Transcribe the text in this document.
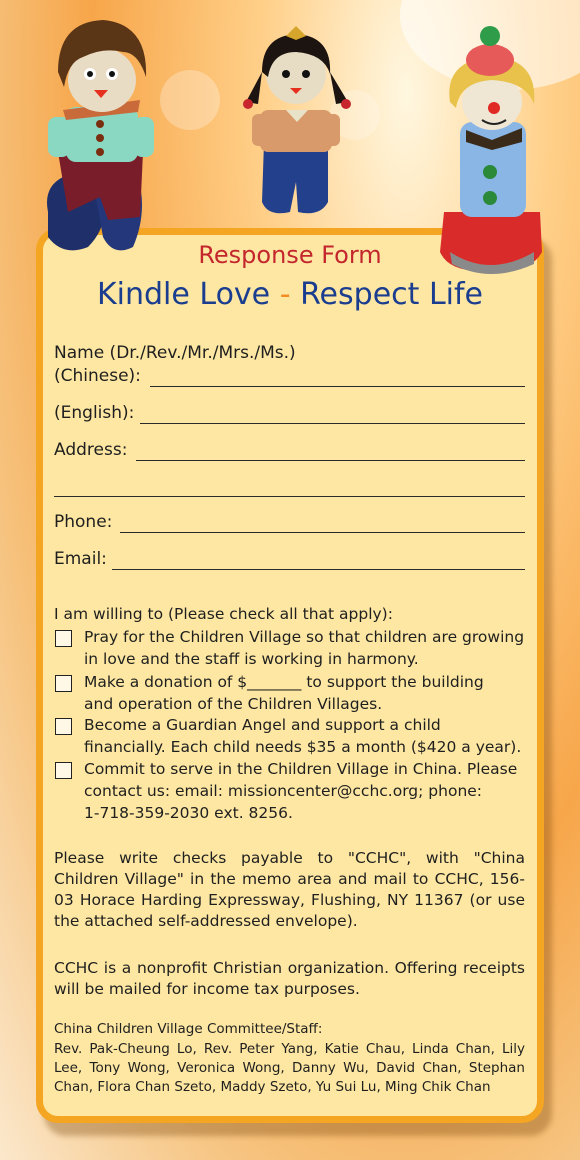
Response Form
Kindle Love - Respect Life
Name (Dr./Rev./Mr./Mrs./Ms.)
(Chinese):
(English):
Address:
Phone:
Email:
I am willing to (Please check all that apply):
Pray for the Children Village so that children are growing
in love and the staff is working in harmony.
Make a donation of $_______ to support the building
and operation of the Children Villages.
Become a Guardian Angel and support a child
financially. Each child needs $35 a month ($420 a year).
Commit to serve in the Children Village in China. Please
contact us: email: missioncenter@cchc.org; phone:
1-718-359-2030 ext. 8256.
Please write checks payable to "CCHC", with "China Children Village" in the memo area and mail to CCHC, 156-03 Horace Harding Expressway, Flushing, NY 11367 (or use the attached self-addressed envelope).
CCHC is a nonprofit Christian organization. Offering receipts will be mailed for income tax purposes.
China Children Village Committee/Staff:
Rev. Pak-Cheung Lo, Rev. Peter Yang, Katie Chau, Linda Chan, Lily Lee, Tony Wong, Veronica Wong, Danny Wu, David Chan, Stephan Chan, Flora Chan Szeto, Maddy Szeto, Yu Sui Lu, Ming Chik Chan
